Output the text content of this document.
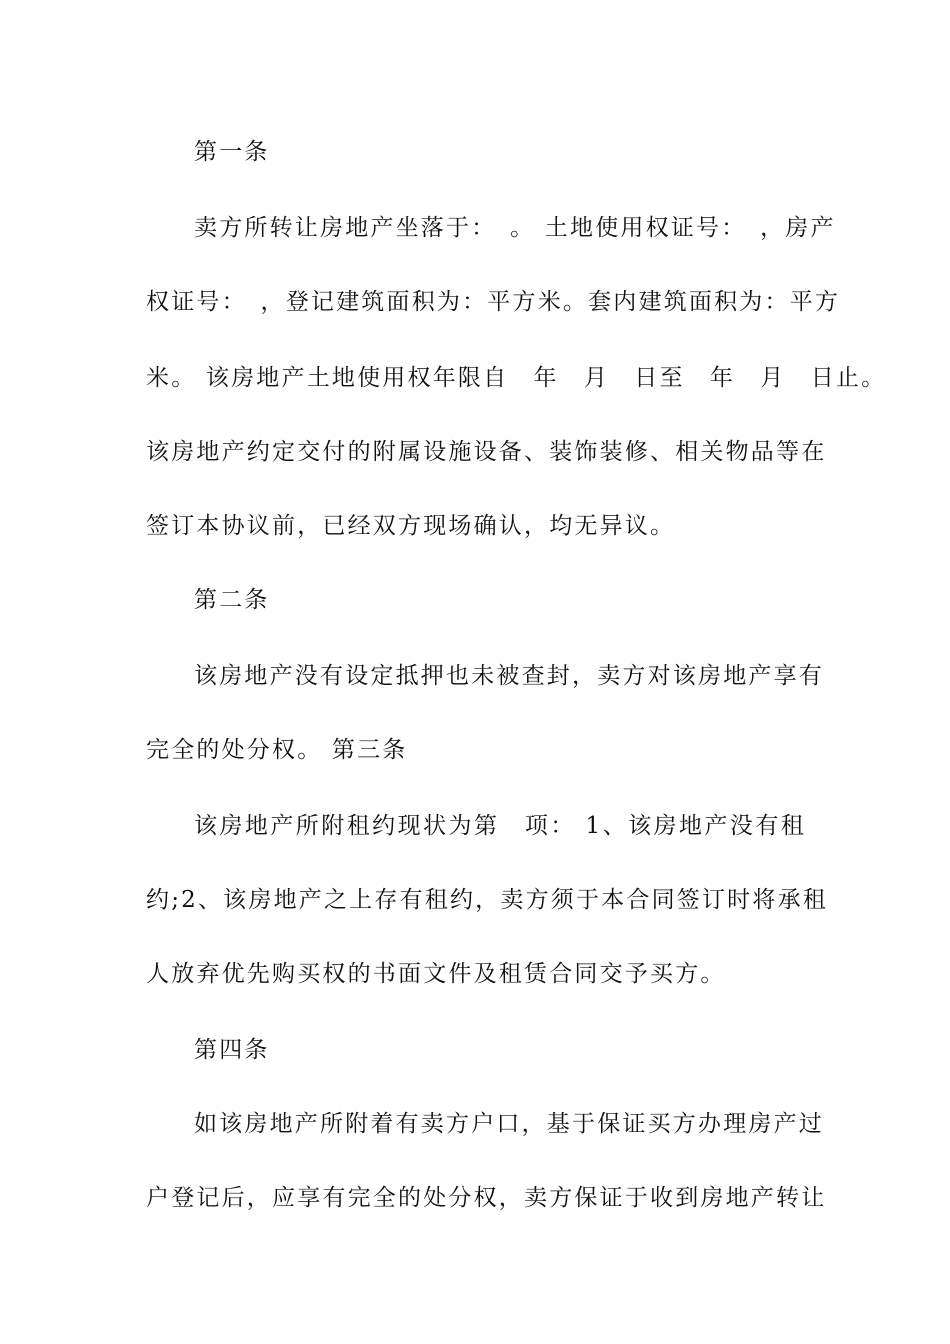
第一条
卖方所转让房地产坐落于：　。 土地使用权证号：　，房产
权证号：　，登记建筑面积为：平方米。套内建筑面积为：平方
米。 该房地产土地使用权年限自　年　月　日至　年　月　日止。
该房地产约定交付的附属设施设备、装饰装修、相关物品等在
签订本协议前，已经双方现场确认，均无异议。
第二条
该房地产没有设定抵押也未被查封，卖方对该房地产享有
完全的处分权。 第三条
该房地产所附租约现状为第　项： 1、该房地产没有租
约;2、该房地产之上存有租约，卖方须于本合同签订时将承租
人放弃优先购买权的书面文件及租赁合同交予买方。
第四条
如该房地产所附着有卖方户口，基于保证买方办理房产过
户登记后，应享有完全的处分权，卖方保证于收到房地产转让
